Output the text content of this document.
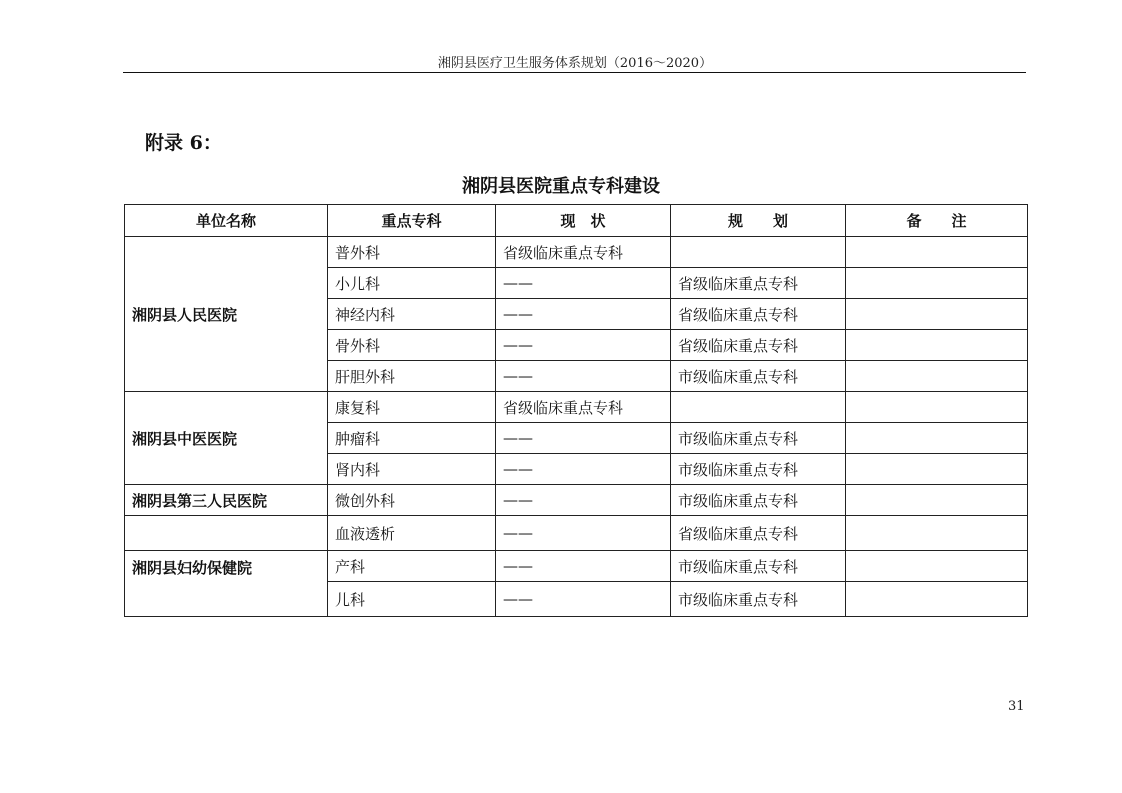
湘阴县医疗卫生服务体系规划（2016～2020）
附录 6：
湘阴县医院重点专科建设
单位名称	重点专科	现　状	规　　划	备　　注
湘阴县人民医院	普外科	省级临床重点专科		
	小儿科	——	省级临床重点专科	
	神经内科	——	省级临床重点专科	
	骨外科	——	省级临床重点专科	
	肝胆外科	——	市级临床重点专科	
湘阴县中医医院	康复科	省级临床重点专科		
	肿瘤科	——	市级临床重点专科	
	肾内科	——	市级临床重点专科	
湘阴县第三人民医院	微创外科	——	市级临床重点专科	
	血液透析	——	省级临床重点专科	
湘阴县妇幼保健院	产科	——	市级临床重点专科	
	儿科	——	市级临床重点专科	
31
